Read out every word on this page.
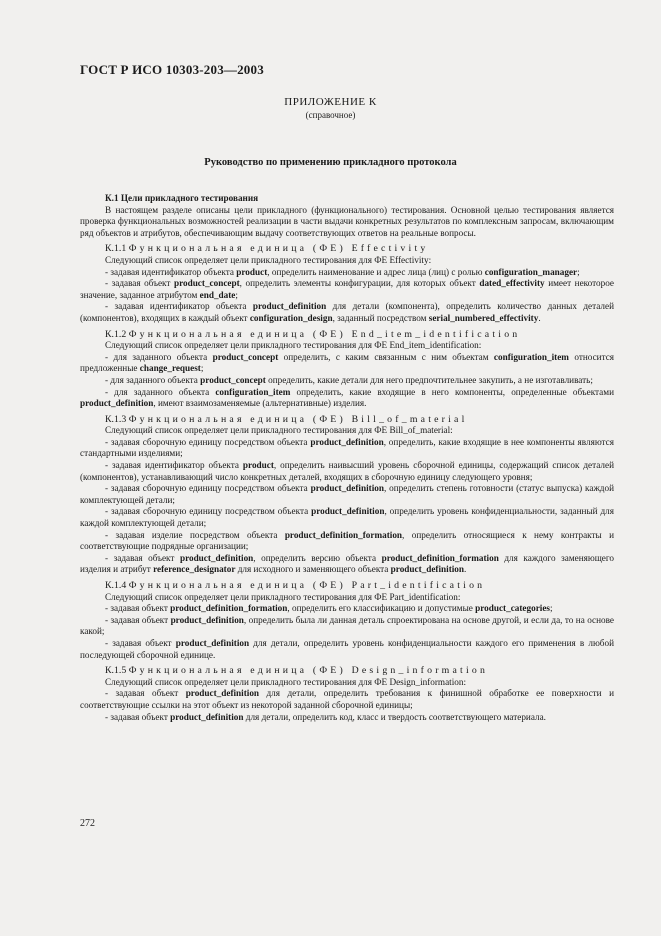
ГОСТ Р ИСО 10303-203—2003
ПРИЛОЖЕНИЕ К
(справочное)
Руководство по применению прикладного протокола
К.1 Цели прикладного тестирования

В настоящем разделе описаны цели прикладного (функционального) тестирования. Основной целью тестирования является проверка функциональных возможностей реализации в части выдачи конкретных результатов по комплексным запросам, включающим ряд объектов и атрибутов, обеспечивающим выдачу соответствующих ответов на реальные вопросы.

К.1.1 Функциональная единица (ФЕ) Effectivity

Следующий список определяет цели прикладного тестирования для ФЕ Effectivity:

- задавая идентификатор объекта product, определить наименование и адрес лица (лиц) с ролью configuration_manager;

- задавая объект product_concept, определить элементы конфигурации, для которых объект dated_effectivity имеет некоторое значение, заданное атрибутом end_date;

- задавая идентификатор объекта product_definition для детали (компонента), определить количество данных деталей (компонентов), входящих в каждый объект configuration_design, заданный посредством serial_numbered_effectivity.

К.1.2 Функциональная единица (ФЕ) End_item_identification

Следующий список определяет цели прикладного тестирования для ФЕ End_item_identification:

- для заданного объекта product_concept определить, с каким связанным с ним объектам configuration_item относится предложенные change_request;

- для заданного объекта product_concept определить, какие детали для него предпочтительнее закупить, а не изготавливать;

- для заданного объекта configuration_item определить, какие входящие в него компоненты, определенные объектами product_definition, имеют взаимозаменяемые (альтернативные) изделия.

К.1.3 Функциональная единица (ФЕ) Bill_of_material

Следующий список определяет цели прикладного тестирования для ФЕ Bill_of_material:

- задавая сборочную единицу посредством объекта product_definition, определить, какие входящие в нее компоненты являются стандартными изделиями;

- задавая идентификатор объекта product, определить наивысший уровень сборочной единицы, содержащий список деталей (компонентов), устанавливающий число конкретных деталей, входящих в сборочную единицу следующего уровня;

- задавая сборочную единицу посредством объекта product_definition, определить степень готовности (статус выпуска) каждой комплектующей детали;

- задавая сборочную единицу посредством объекта product_definition, определить уровень конфиденциальности, заданный для каждой комплектующей детали;

- задавая изделие посредством объекта product_definition_formation, определить относящиеся к нему контракты и соответствующие подрядные организации;

- задавая объект product_definition, определить версию объекта product_definition_formation для каждого заменяющего изделия и атрибут reference_designator для исходного и заменяющего объекта product_definition.

К.1.4 Функциональная единица (ФЕ) Part_identification

Следующий список определяет цели прикладного тестирования для ФЕ Part_identification:

- задавая объект product_definition_formation, определить его классификацию и допустимые product_categories;

- задавая объект product_definition, определить была ли данная деталь спроектирована на основе другой, и если да, то на основе какой;

- задавая объект product_definition для детали, определить уровень конфиденциальности каждого его применения в любой последующей сборочной единице.

К.1.5 Функциональная единица (ФЕ) Design_information

Следующий список определяет цели прикладного тестирования для ФЕ Design_information:

- задавая объект product_definition для детали, определить требования к финишной обработке ее поверхности и соответствующие ссылки на этот объект из некоторой заданной сборочной единицы;

- задавая объект product_definition для детали, определить код, класс и твердость соответствующего материала.

272
